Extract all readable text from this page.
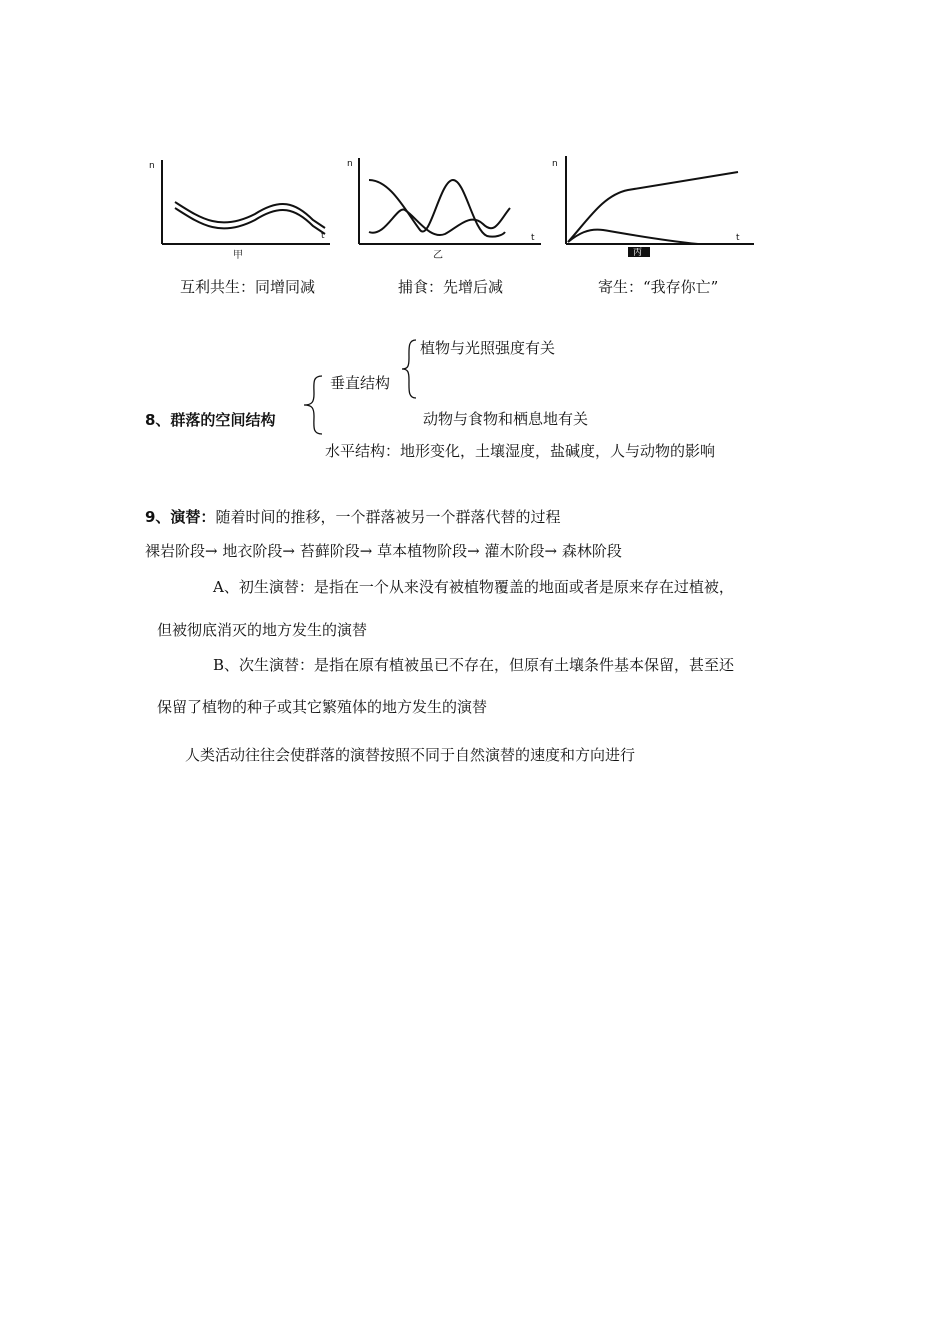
n
t
甲
n
t
乙
n
t
丙
互利共生：同增同减	捕食：先增后减	寄生：“我存你亡”
8、群落的空间结构
垂直结构
植物与光照强度有关
动物与食物和栖息地有关
水平结构：地形变化，土壤湿度，盐碱度，人与动物的影响
9、演替：随着时间的推移，一个群落被另一个群落代替的过程
裸岩阶段→ 地衣阶段→ 苔藓阶段→ 草本植物阶段→ 灌木阶段→ 森林阶段
A、初生演替：是指在一个从来没有被植物覆盖的地面或者是原来存在过植被，
但被彻底消灭的地方发生的演替
B、次生演替：是指在原有植被虽已不存在，但原有土壤条件基本保留，甚至还
保留了植物的种子或其它繁殖体的地方发生的演替
人类活动往往会使群落的演替按照不同于自然演替的速度和方向进行
